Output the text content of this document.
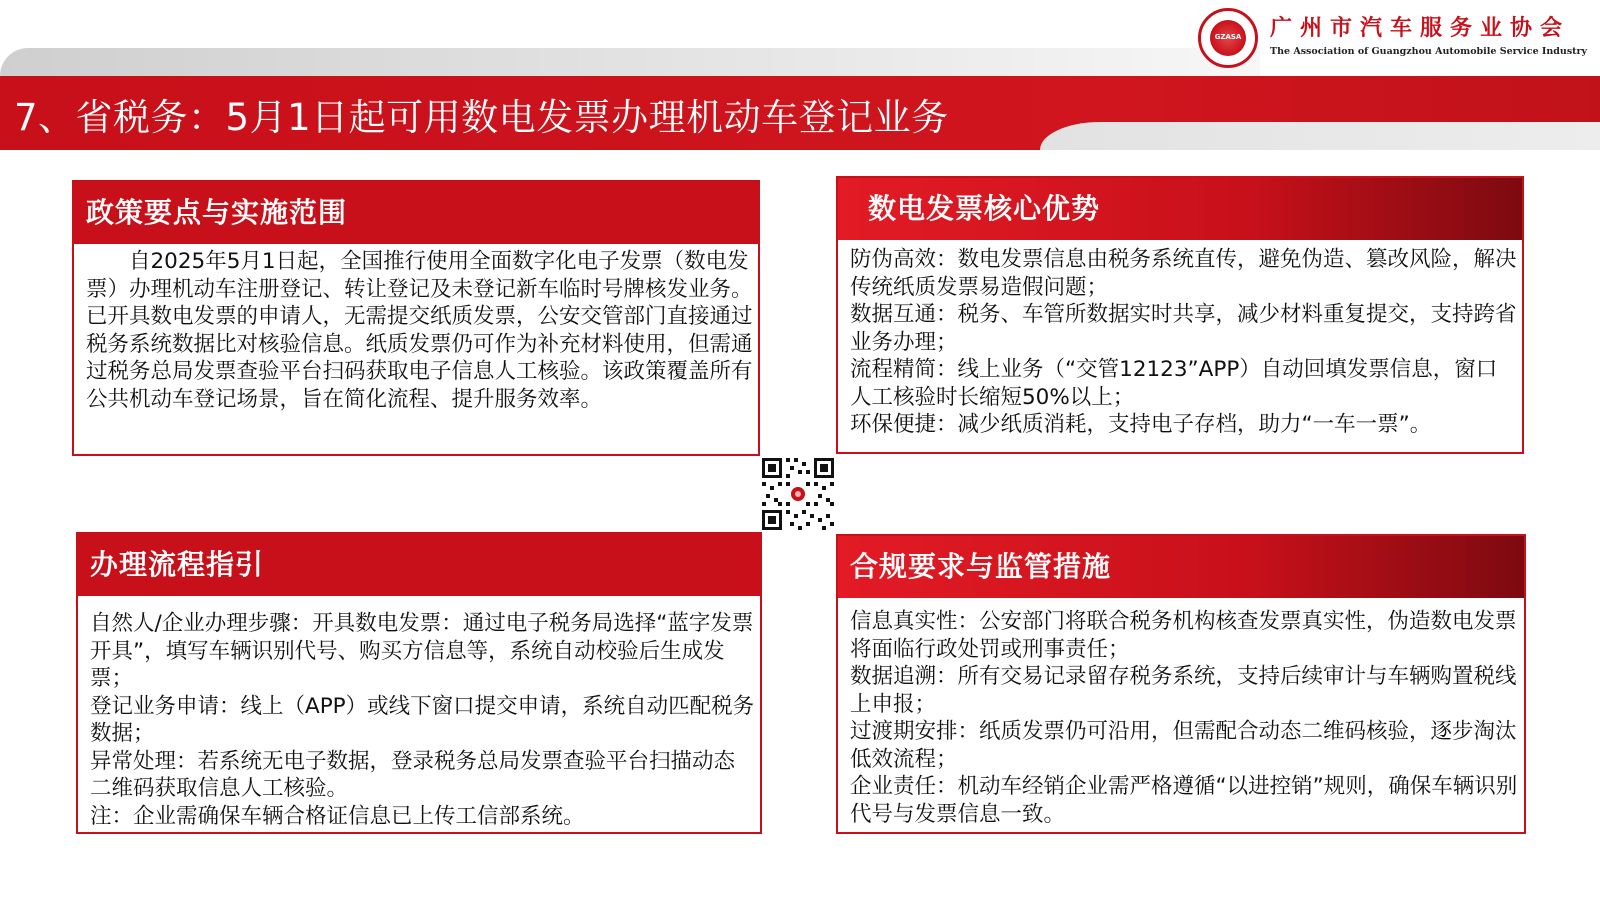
7、省税务：5月1日起可用数电发票办理机动车登记业务
GZASA 广州市汽车服务业协会
The Association of Guangzhou Automobile Service Industry
政策要点与实施范围

自2025年5月1日起，全国推行使用全面数字化电子发票（数电发票）办理机动车注册登记、转让登记及未登记新车临时号牌核发业务。已开具数电发票的申请人，无需提交纸质发票，公安交管部门直接通过税务系统数据比对核验信息。纸质发票仍可作为补充材料使用，但需通过税务总局发票查验平台扫码获取电子信息人工核验。该政策覆盖所有公共机动车登记场景，旨在简化流程、提升服务效率。

数电发票核心优势

防伪高效：数电发票信息由税务系统直传，避免伪造、篡改风险，解决传统纸质发票易造假问题；

数据互通：税务、车管所数据实时共享，减少材料重复提交，支持跨省业务办理；

流程精简：线上业务（“交管12123”APP）自动回填发票信息，窗口人工核验时长缩短50%以上；

环保便捷：减少纸质消耗，支持电子存档，助力“一车一票”。

办理流程指引

自然人/企业办理步骤：开具数电发票：通过电子税务局选择“蓝字发票开具”，填写车辆识别代号、购买方信息等，系统自动校验后生成发票；

登记业务申请：线上（APP）或线下窗口提交申请，系统自动匹配税务数据；

异常处理：若系统无电子数据，登录税务总局发票查验平台扫描动态二维码获取信息人工核验。

注：企业需确保车辆合格证信息已上传工信部系统。

合规要求与监管措施

信息真实性：公安部门将联合税务机构核查发票真实性，伪造数电发票将面临行政处罚或刑事责任；

数据追溯：所有交易记录留存税务系统，支持后续审计与车辆购置税线上申报；

过渡期安排：纸质发票仍可沿用，但需配合动态二维码核验，逐步淘汰低效流程；

企业责任：机动车经销企业需严格遵循“以进控销”规则，确保车辆识别代号与发票信息一致。
